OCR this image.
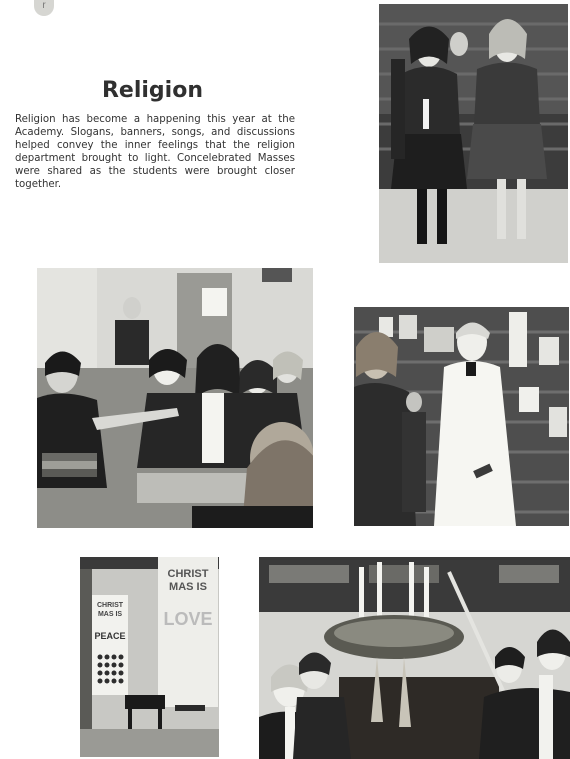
r
Religion

Religion has become a happening this year at the Academy. Slogans, banners, songs, and discussions helped convey the inner feelings that the religion department brought to light. Concelebrated Masses were shared as the students were brought closer together.

CHRIST
MAS IS
LOVE
CHRIST
MAS IS
PEACE
